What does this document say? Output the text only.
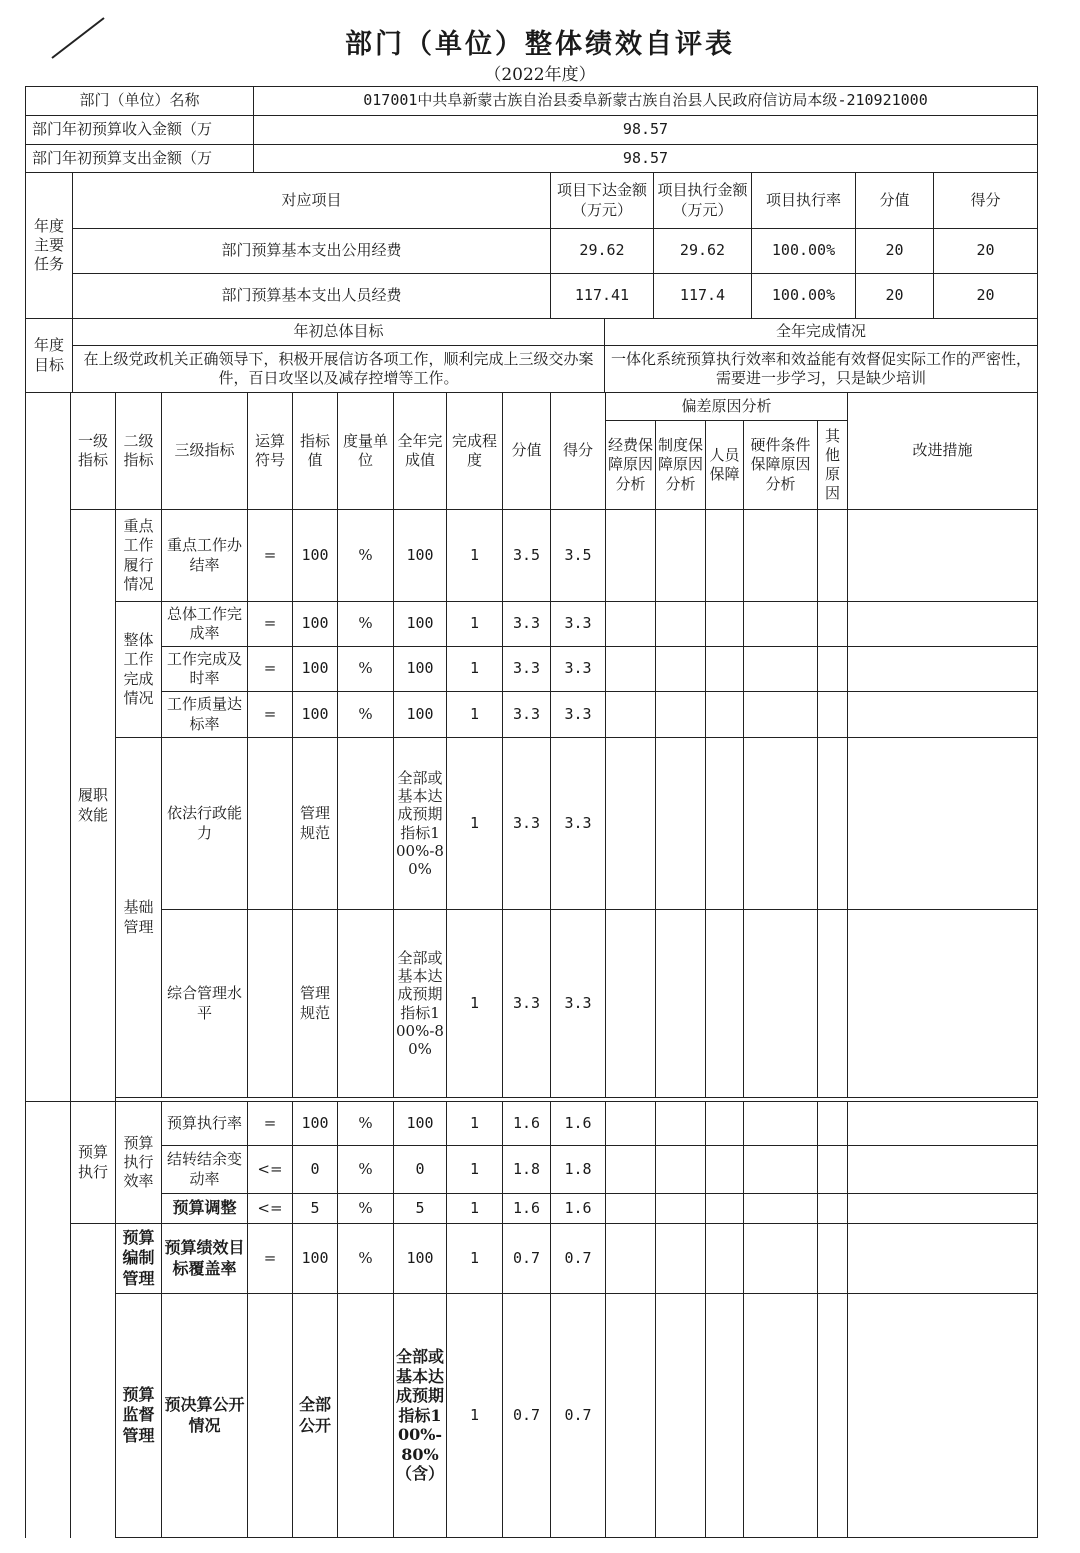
部门（单位）整体绩效自评表
（2022年度）
部门（单位）名称	017001中共阜新蒙古族自治县委阜新蒙古族自治县人民政府信访局本级-210921000
部门年初预算收入金额（万	98.57
部门年初预算支出金额（万	98.57
年度主要任务	对应项目	项目下达金额（万元）	项目执行金额（万元）	项目执行率	分值	得分
	部门预算基本支出公用经费	29.62	29.62	100.00%	20	20
	部门预算基本支出人员经费	117.41	117.4	100.00%	20	20
年度目标	年初总体目标	全年完成情况
	在上级党政机关正确领导下，积极开展信访各项工作，顺利完成上三级交办案件，百日攻坚以及减存控增等工作。	一体化系统预算执行效率和效益能有效督促实际工作的严密性，需要进一步学习，只是缺少培训
	一级指标	二级指标	三级指标	运算符号	指标值	度量单位	全年完成值	完成程度	分值	得分	偏差原因分析					改进措施
											经费保障原因分析	制度保障原因分析	人员保障	硬件条件保障原因分析	其他原因	
	履职效能	重点工作履行情况	重点工作办结率	=	100	%	100	1	3.5	3.5						
		整体工作完成情况	总体工作完成率	=	100	%	100	1	3.3	3.3						
			工作完成及时率	=	100	%	100	1	3.3	3.3						
			工作质量达标率	=	100	%	100	1	3.3	3.3						
		基础管理	依法行政能力		管理规范		全部或基本达成预期指标100%-80%	1	3.3	3.3						
			综合管理水平		管理规范		全部或基本达成预期指标100%-80%	1	3.3	3.3						

	预算执行	预算执行效率	预算执行率	=	100	%	100	1	1.6	1.6						
			结转结余变动率	<=	0	%	0	1	1.8	1.8						
			预算调整	<=	5	%	5	1	1.6	1.6						
		预算编制管理	预算绩效目标覆盖率	=	100	%	100	1	0.7	0.7						
		预算监督管理	预决算公开情况		全部公开		全部或基本达成预期指标100%-80%（含）	1	0.7	0.7						
